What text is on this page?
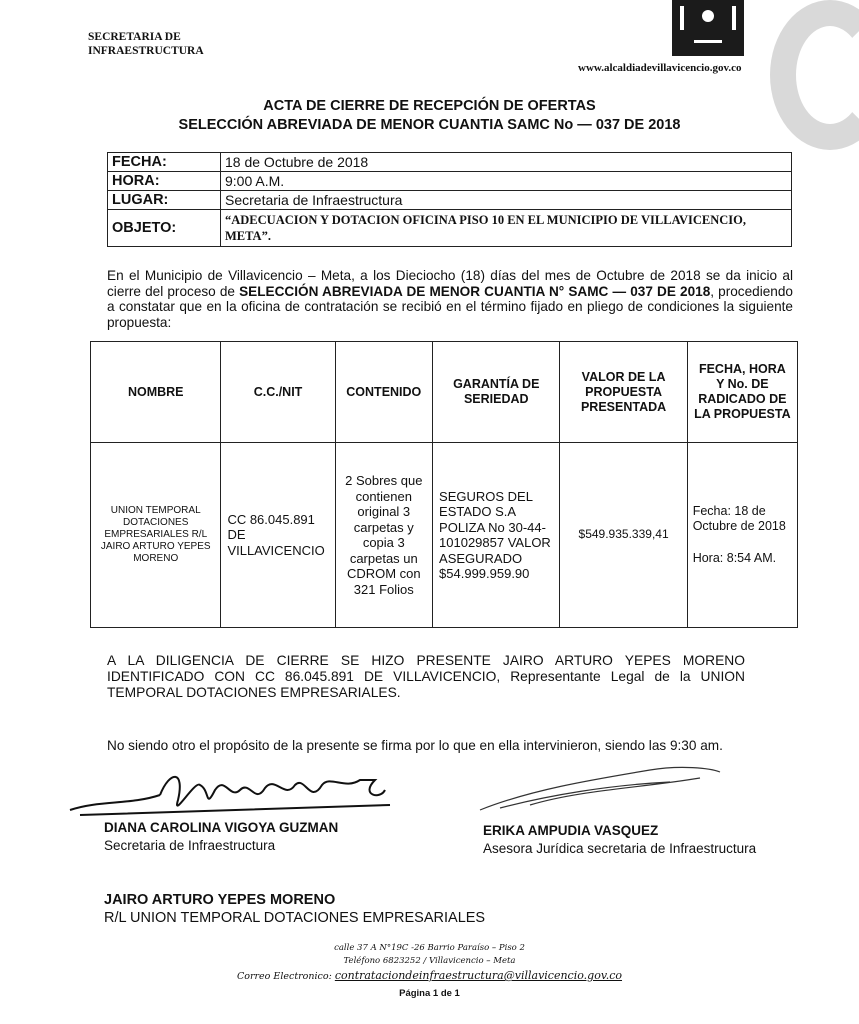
SECRETARIA DE
INFRAESTRUCTURA
www.alcaldiadevillavicencio.gov.co
ACTA DE CIERRE DE RECEPCIÓN DE OFERTAS
SELECCIÓN ABREVIADA DE MENOR CUANTIA SAMC No — 037 DE 2018
FECHA:	18 de Octubre de 2018
HORA:	9:00 A.M.
LUGAR:	Secretaria de Infraestructura
OBJETO:	“ADECUACION Y DOTACION OFICINA PISO 10 EN EL MUNICIPIO DE VILLAVICENCIO, META”.
En el Municipio de Villavicencio – Meta, a los Dieciocho (18) días del mes de Octubre de 2018 se da inicio al cierre del proceso de SELECCIÓN ABREVIADA DE MENOR CUANTIA N° SAMC — 037 DE 2018, procediendo a constatar que en la oficina de contratación se recibió en el término fijado en pliego de condiciones la siguiente propuesta:
NOMBRE	C.C./NIT	CONTENIDO	GARANTÍA DE SERIEDAD	VALOR DE LA PROPUESTA PRESENTADA	FECHA, HORA Y No. DE RADICADO DE LA PROPUESTA
UNION TEMPORAL DOTACIONES EMPRESARIALES R/L JAIRO ARTURO YEPES MORENO	CC 86.045.891 DE VILLAVICENCIO	2 Sobres que contienen original 3 carpetas y copia 3 carpetas un CDROM con 321 Folios	SEGUROS DEL ESTADO S.A POLIZA No 30-44-101029857 VALOR ASEGURADO $54.999.959.90	$549.935.339,41	Fecha: 18 de Octubre de 2018
Hora: 8:54 AM.
A LA DILIGENCIA DE CIERRE SE HIZO PRESENTE JAIRO ARTURO YEPES MORENO IDENTIFICADO CON CC 86.045.891 DE VILLAVICENCIO, Representante Legal de la UNION TEMPORAL DOTACIONES EMPRESARIALES.
No siendo otro el propósito de la presente se firma por lo que en ella intervinieron, siendo las 9:30 am.
DIANA CAROLINA VIGOYA GUZMAN
Secretaria de Infraestructura
ERIKA AMPUDIA VASQUEZ
Asesora Jurídica secretaria de Infraestructura
JAIRO ARTURO YEPES MORENO
R/L UNION TEMPORAL DOTACIONES EMPRESARIALES
calle 37 A N°19C -26 Barrio Paraíso – Piso 2
Teléfono 6823252 / Villavicencio – Meta
Correo Electronico: contrataciondeinfraestructura@villavicencio.gov.co
Página 1 de 1
